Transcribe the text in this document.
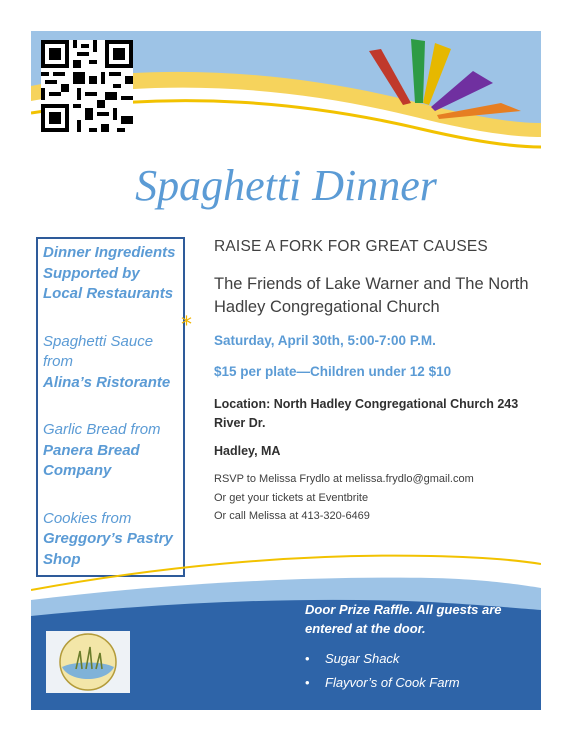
Spaghetti Dinner
Dinner Ingredients Supported by Local Restaurants
Spaghetti Sauce from
Alina’s Ristorante
Garlic Bread from
Panera Bread Company
Cookies from
Greggory’s Pastry Shop
*

RAISE A FORK FOR GREAT CAUSES

The Friends of Lake Warner and The North Hadley Congregational Church
Saturday, April 30th, 5:00-7:00 P.M.
$15 per plate—Children under 12 $10
Location: North Hadley Congregational Church 243 River Dr.
Hadley, MA
RSVP to Melissa Frydlo at melissa.frydlo@gmail.com
Or get your tickets at Eventbrite
Or call Melissa at 413-320-6469
Door Prize Raffle. All guests are entered at the door.
• Sugar Shack
• Flayvor’s of Cook Farm
